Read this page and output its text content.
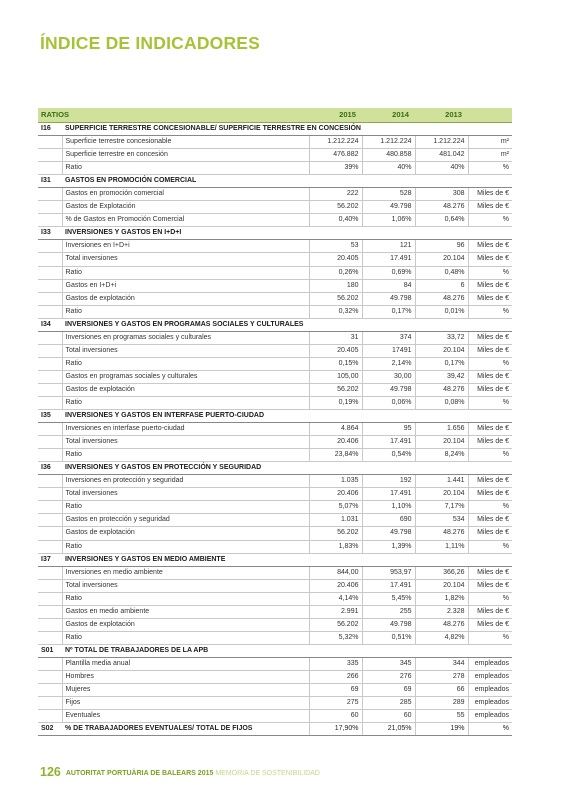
ÍNDICE DE INDICADORES
RATIOS		2015	2014	2013	
I16	SUPERFICIE TERRESTRE CONCESIONABLE/ SUPERFICIE TERRESTRE EN CONCESIÓN				
	Superficie terrestre concesionable	1.212.224	1.212.224	1.212.224	m²
	Superficie terrestre en concesión	476.882	480.858	481.042	m²
	Ratio	39%	40%	40%	%
I31	GASTOS EN PROMOCIÓN COMERCIAL				
	Gastos en promoción comercial	222	528	308	Miles de €
	Gastos de Explotación	56.202	49.798	48.276	Miles de €
	% de Gastos en Promoción Comercial	0,40%	1,06%	0,64%	%
I33	INVERSIONES Y GASTOS EN I+D+I				
	Inversiones en I+D+i	53	121	96	Miles de €
	Total inversiones	20.405	17.491	20.104	Miles de €
	Ratio	0,26%	0,69%	0,48%	%
	Gastos en I+D+i	180	84	6	Miles de €
	Gastos de explotación	56.202	49.798	48.276	Miles de €
	Ratio	0,32%	0,17%	0,01%	%
I34	INVERSIONES Y GASTOS EN PROGRAMAS SOCIALES Y CULTURALES				
	Inversiones en programas sociales y culturales	31	374	33,72	Miles de €
	Total inversiones	20.405	17491	20.104	Miles de €
	Ratio	0,15%	2,14%	0,17%	%
	Gastos en programas sociales y culturales	105,00	30,00	39,42	Miles de €
	Gastos de explotación	56.202	49.798	48.276	Miles de €
	Ratio	0,19%	0,06%	0,08%	%
I35	INVERSIONES Y GASTOS EN INTERFASE PUERTO-CIUDAD				
	Inversiones en interfase puerto-ciudad	4.864	95	1.656	Miles de €
	Total inversiones	20.406	17.491	20.104	Miles de €
	Ratio	23,84%	0,54%	8,24%	%
I36	INVERSIONES Y GASTOS EN PROTECCIÓN Y SEGURIDAD				
	Inversiones en protección y seguridad	1.035	192	1.441	Miles de €
	Total inversiones	20.406	17.491	20.104	Miles de €
	Ratio	5,07%	1,10%	7,17%	%
	Gastos en protección y seguridad	1.031	690	534	Miles de €
	Gastos de explotación	56.202	49.798	48.276	Miles de €
	Ratio	1,83%	1,39%	1,11%	%
I37	INVERSIONES Y GASTOS EN MEDIO AMBIENTE				
	Inversiones en medio ambiente	844,00	953,97	366,26	Miles de €
	Total inversiones	20.406	17.491	20.104	Miles de €
	Ratio	4,14%	5,45%	1,82%	%
	Gastos en medio ambiente	2.991	255	2.328	Miles de €
	Gastos de explotación	56.202	49.798	48.276	Miles de €
	Ratio	5,32%	0,51%	4,82%	%
S01	Nº TOTAL DE TRABAJADORES DE LA APB				
	Plantilla media anual	335	345	344	empleados
	Hombres	266	276	278	empleados
	Mujeres	69	69	66	empleados
	Fijos	275	285	289	empleados
	Eventuales	60	60	55	empleados
S02	% DE TRABAJADORES EVENTUALES/ TOTAL DE FIJOS	17,90%	21,05%	19%	%
126 AUTORITAT PORTUÀRIA DE BALEARS 2015 MEMORIA DE SOSTENIBILIDAD
